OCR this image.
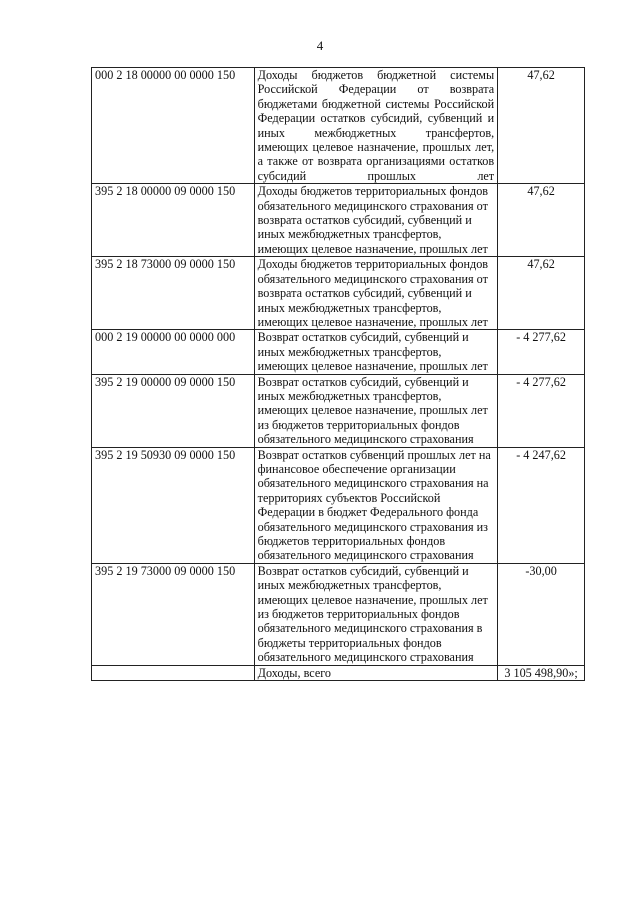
4
000 2 18 00000 00 0000 150	Доходы бюджетов бюджетной системы Российской Федерации от возврата бюджетами бюджетной системы Российской Федерации остатков субсидий, субвенций и иных межбюджетных трансфертов, имеющих целевое назначение, прошлых лет, а также от возврата организациями остатков субсидий прошлых лет	47,62
395 2 18 00000 09 0000 150	Доходы бюджетов территориальных фондов обязательного медицинского страхования от возврата остатков субсидий, субвенций и иных межбюджетных трансфертов, имеющих целевое назначение, прошлых лет	47,62
395 2 18 73000 09 0000 150	Доходы бюджетов территориальных фондов обязательного медицинского страхования от возврата остатков субсидий, субвенций и иных межбюджетных трансфертов, имеющих целевое назначение, прошлых лет	47,62
000 2 19 00000 00 0000 000	Возврат остатков субсидий, субвенций и иных межбюджетных трансфертов, имеющих целевое назначение, прошлых лет	- 4 277,62
395 2 19 00000 09 0000 150	Возврат остатков субсидий, субвенций и иных межбюджетных трансфертов, имеющих целевое назначение, прошлых лет из бюджетов территориальных фондов обязательного медицинского страхования	- 4 277,62
395 2 19 50930 09 0000 150	Возврат остатков субвенций прошлых лет на финансовое обеспечение организации обязательного медицинского страхования на территориях субъектов Российской Федерации в бюджет Федерального фонда обязательного медицинского страхования из бюджетов территориальных фондов обязательного медицинского страхования	- 4 247,62
395 2 19 73000 09 0000 150	Возврат остатков субсидий, субвенций и иных межбюджетных трансфертов, имеющих целевое назначение, прошлых лет из бюджетов территориальных фондов обязательного медицинского страхования в бюджеты территориальных фондов обязательного медицинского страхования	-30,00
	Доходы, всего	3 105 498,90»;
